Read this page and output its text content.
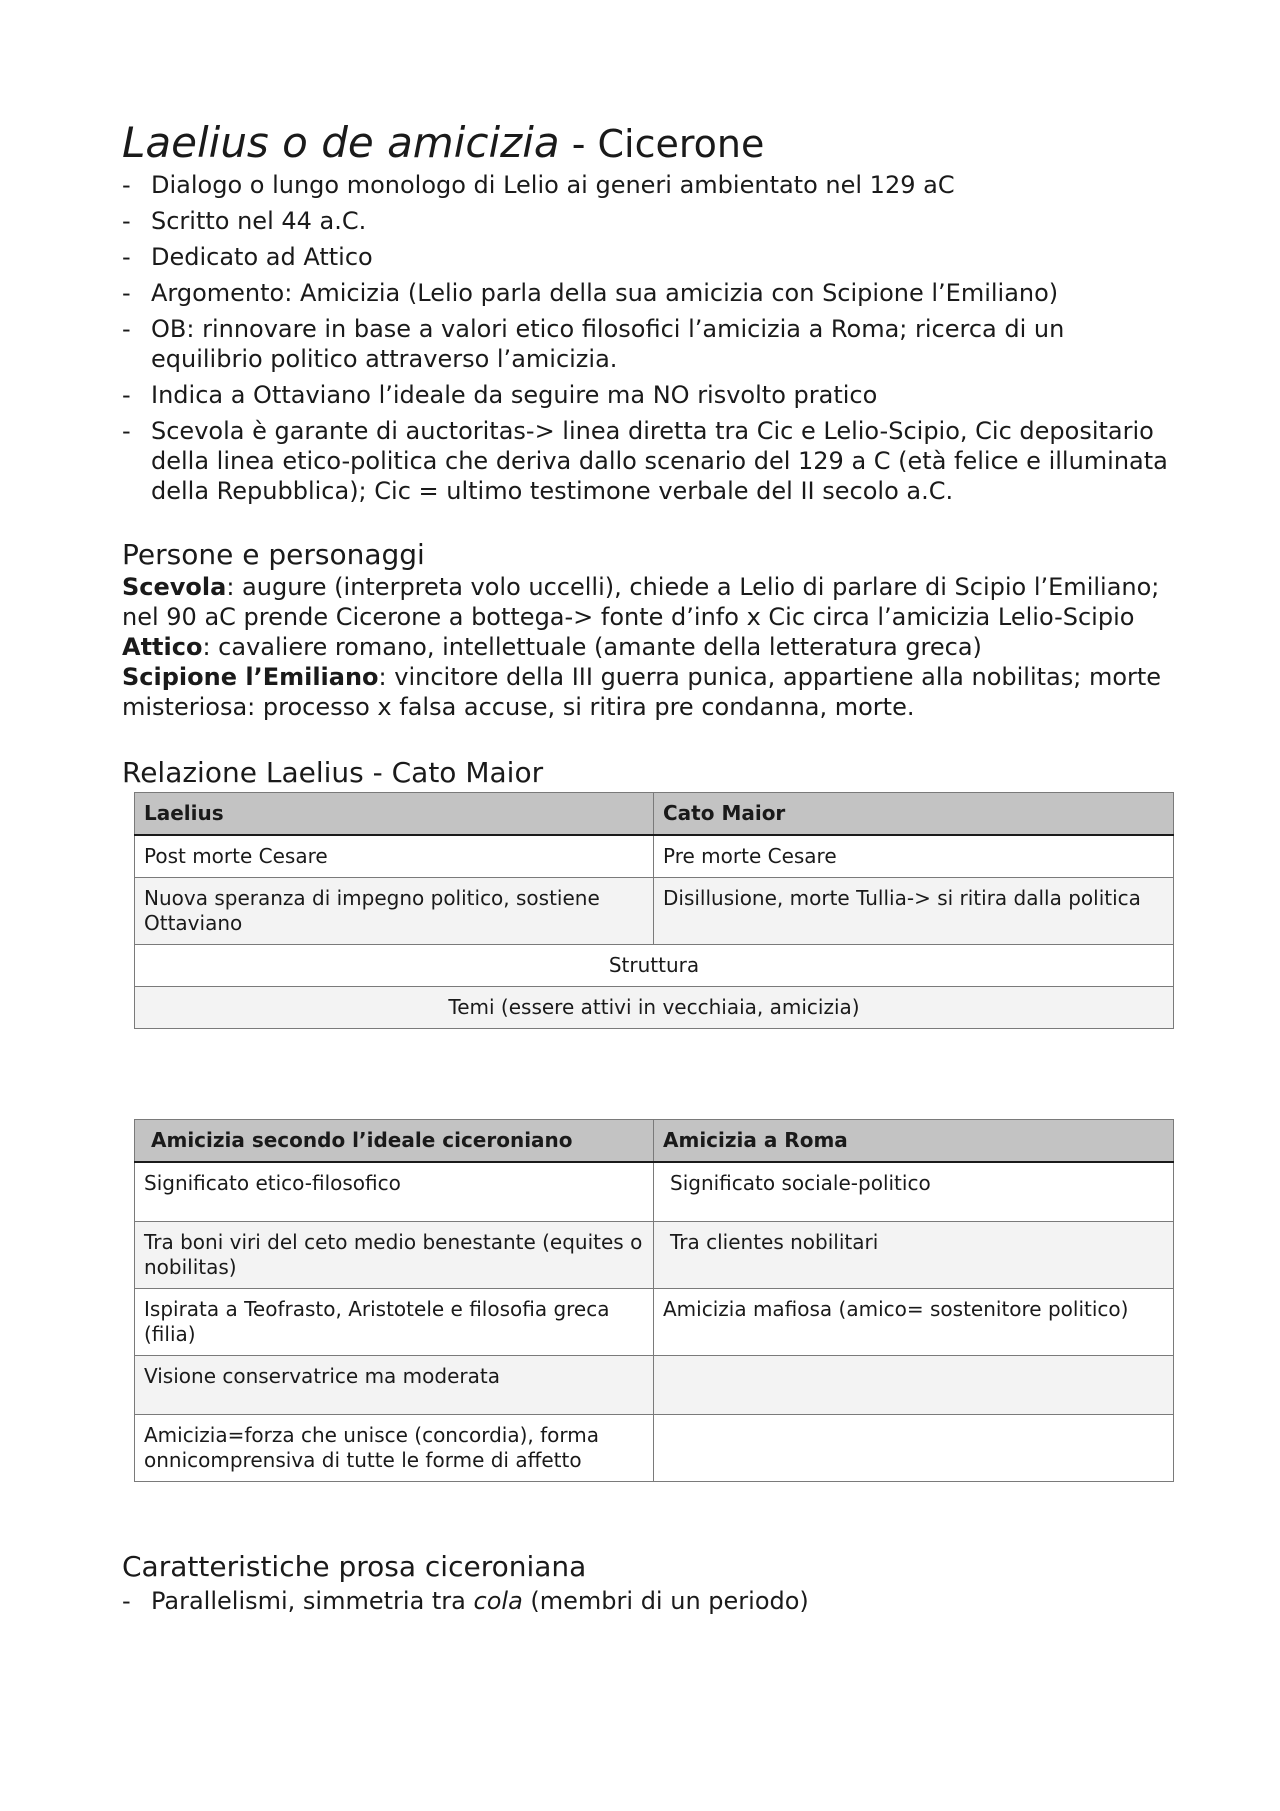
Laelius o de amicizia - Cicerone
- Dialogo o lungo monologo di Lelio ai generi ambientato nel 129 aC
- Scritto nel 44 a.C.
- Dedicato ad Attico
- Argomento: Amicizia (Lelio parla della sua amicizia con Scipione l’Emiliano)
- OB: rinnovare in base a valori etico filosofici l’amicizia a Roma; ricerca di un equilibrio politico attraverso l’amicizia.
- Indica a Ottaviano l’ideale da seguire ma NO risvolto pratico
- Scevola è garante di auctoritas-> linea diretta tra Cic e Lelio-Scipio, Cic depositario della linea etico-politica che deriva dallo scenario del 129 a C (età felice e illuminata della Repubblica); Cic = ultimo testimone verbale del II secolo a.C.
Persone e personaggi

Scevola: augure (interpreta volo uccelli), chiede a Lelio di parlare di Scipio l’Emiliano; nel 90 aC prende Cicerone a bottega-> fonte d’info x Cic circa l’amicizia Lelio-Scipio

Attico: cavaliere romano, intellettuale (amante della letteratura greca)

Scipione l’Emiliano: vincitore della III guerra punica, appartiene alla nobilitas; morte misteriosa: processo x falsa accuse, si ritira pre condanna, morte.

Relazione Laelius - Cato Maior
Laelius	Cato Maior
Post morte Cesare	Pre morte Cesare
Nuova speranza di impegno politico, sostiene Ottaviano	Disillusione, morte Tullia-> si ritira dalla politica
Struttura	
Temi (essere attivi in vecchiaia, amicizia)	
Amicizia secondo l’ideale ciceroniano	Amicizia a Roma
Significato etico-filosofico	Significato sociale-politico
Tra boni viri del ceto medio benestante (equites o nobilitas)	Tra clientes nobilitari
Ispirata a Teofrasto, Aristotele e filosofia greca (filia)	Amicizia mafiosa (amico= sostenitore politico)
Visione conservatrice ma moderata	
Amicizia=forza che unisce (concordia), forma onnicomprensiva di tutte le forme di affetto	
Caratteristiche prosa ciceroniana
- Parallelismi, simmetria tra cola (membri di un periodo)
